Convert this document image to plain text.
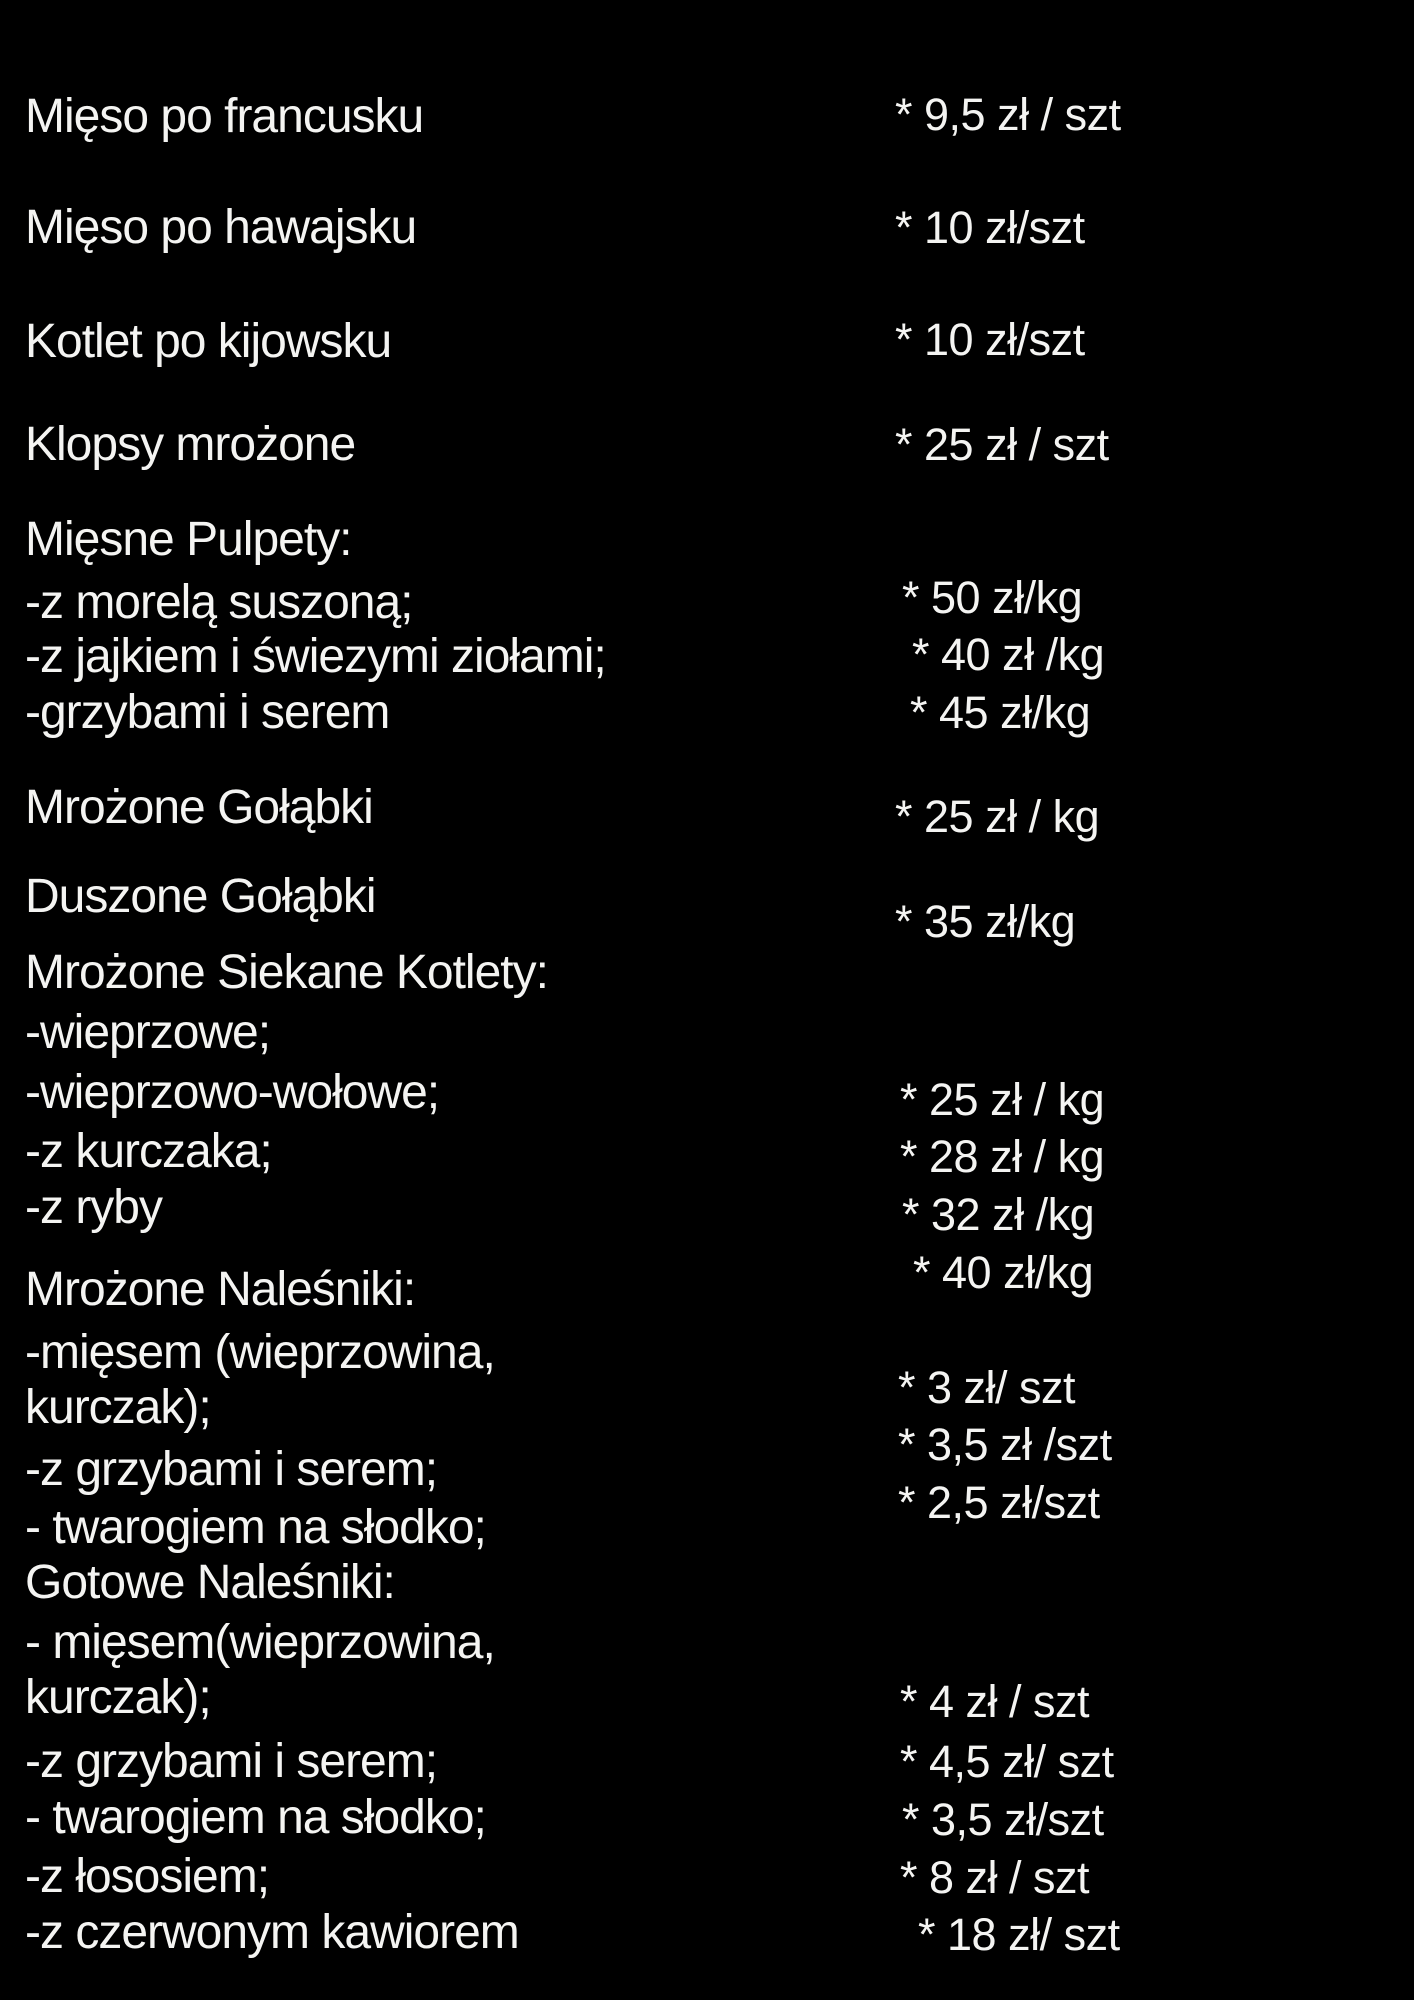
Mięso po francusku
Mięso po hawajsku
Kotlet po kijowsku
Klopsy mrożone
Mięsne Pulpety:
-z morelą suszoną;
-z jajkiem i świezymi ziołami;
-grzybami i serem
Mrożone Gołąbki
Duszone Gołąbki
Mrożone Siekane Kotlety:
-wieprzowe;
-wieprzowo-wołowe;
-z kurczaka;
-z ryby
Mrożone Naleśniki:
-mięsem (wieprzowina,
kurczak);
-z grzybami i serem;
- twarogiem na słodko;
Gotowe Naleśniki:
- mięsem(wieprzowina,
kurczak);
-z grzybami i serem;
- twarogiem na słodko;
-z łososiem;
-z czerwonym kawiorem
* 9,5 zł / szt
* 10 zł/szt
* 10 zł/szt
* 25 zł / szt
* 50 zł/kg
* 40 zł /kg
* 45 zł/kg
* 25 zł / kg
* 35 zł/kg
* 25 zł / kg
* 28 zł / kg
* 32 zł /kg
* 40 zł/kg
* 3 zł/ szt
* 3,5 zł /szt
* 2,5 zł/szt
* 4 zł / szt
* 4,5 zł/ szt
* 3,5 zł/szt
* 8 zł / szt
* 18 zł/ szt
